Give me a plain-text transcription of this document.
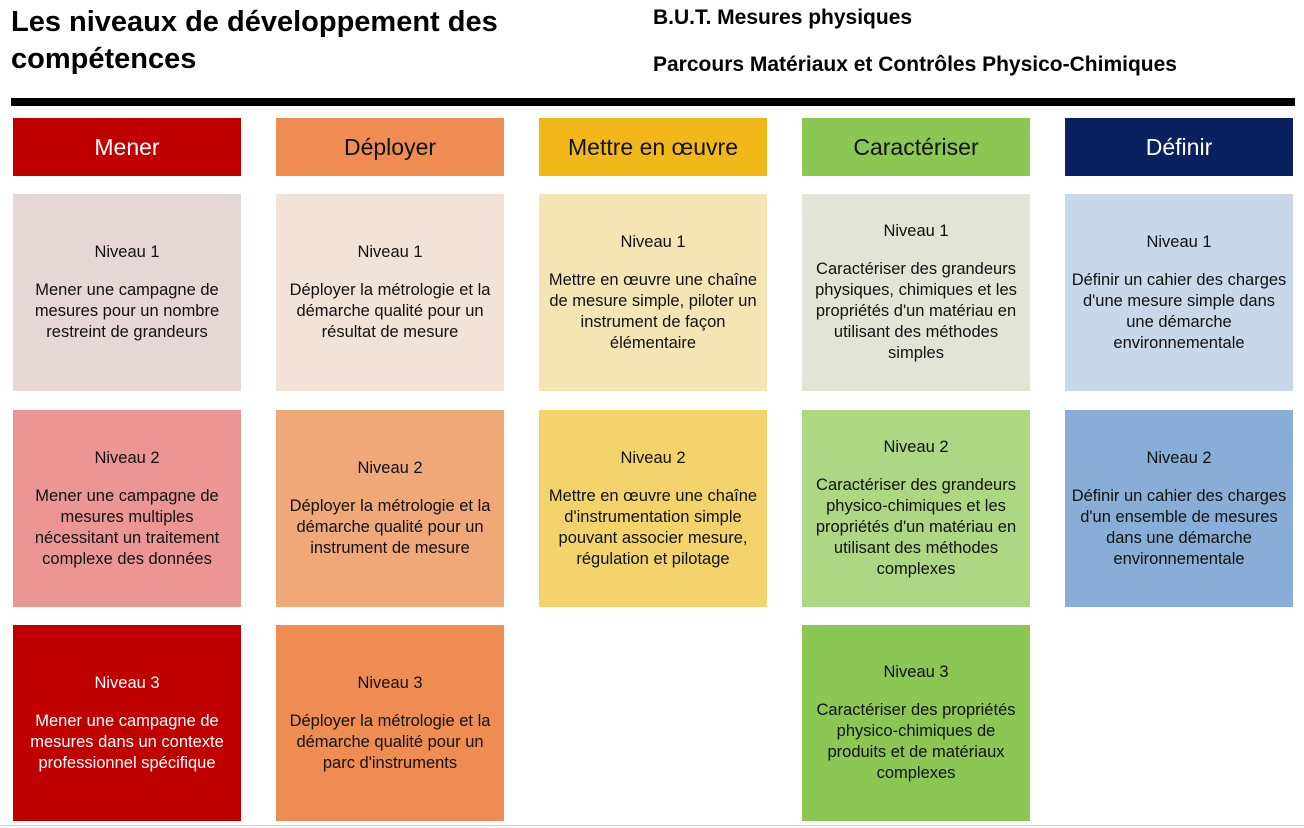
Les niveaux de développement des compétences
B.U.T. Mesures physiques
Parcours Matériaux et Contrôles Physico-Chimiques
Mener
Niveau 1
Mener une campagne de mesures pour un nombre restreint de grandeurs
Niveau 2
Mener une campagne de mesures multiples nécessitant un traitement complexe des données
Niveau 3
Mener une campagne de mesures dans un contexte professionnel spécifique
Déployer
Niveau 1
Déployer la métrologie et la démarche qualité pour un résultat de mesure
Niveau 2
Déployer la métrologie et la démarche qualité pour un instrument de mesure
Niveau 3
Déployer la métrologie et la démarche qualité pour un parc d'instruments
Mettre en œuvre
Niveau 1
Mettre en œuvre une chaîne de mesure simple, piloter un instrument de façon élémentaire
Niveau 2
Mettre en œuvre une chaîne d'instrumentation simple pouvant associer mesure, régulation et pilotage
Caractériser
Niveau 1
Caractériser des grandeurs physiques, chimiques et les propriétés d'un matériau en utilisant des méthodes simples
Niveau 2
Caractériser des grandeurs physico-chimiques et les propriétés d'un matériau en utilisant des méthodes complexes
Niveau 3
Caractériser des propriétés physico-chimiques de produits et de matériaux complexes
Définir
Niveau 1
Définir un cahier des charges d'une mesure simple dans une démarche environnementale
Niveau 2
Définir un cahier des charges d'un ensemble de mesures dans une démarche environnementale
